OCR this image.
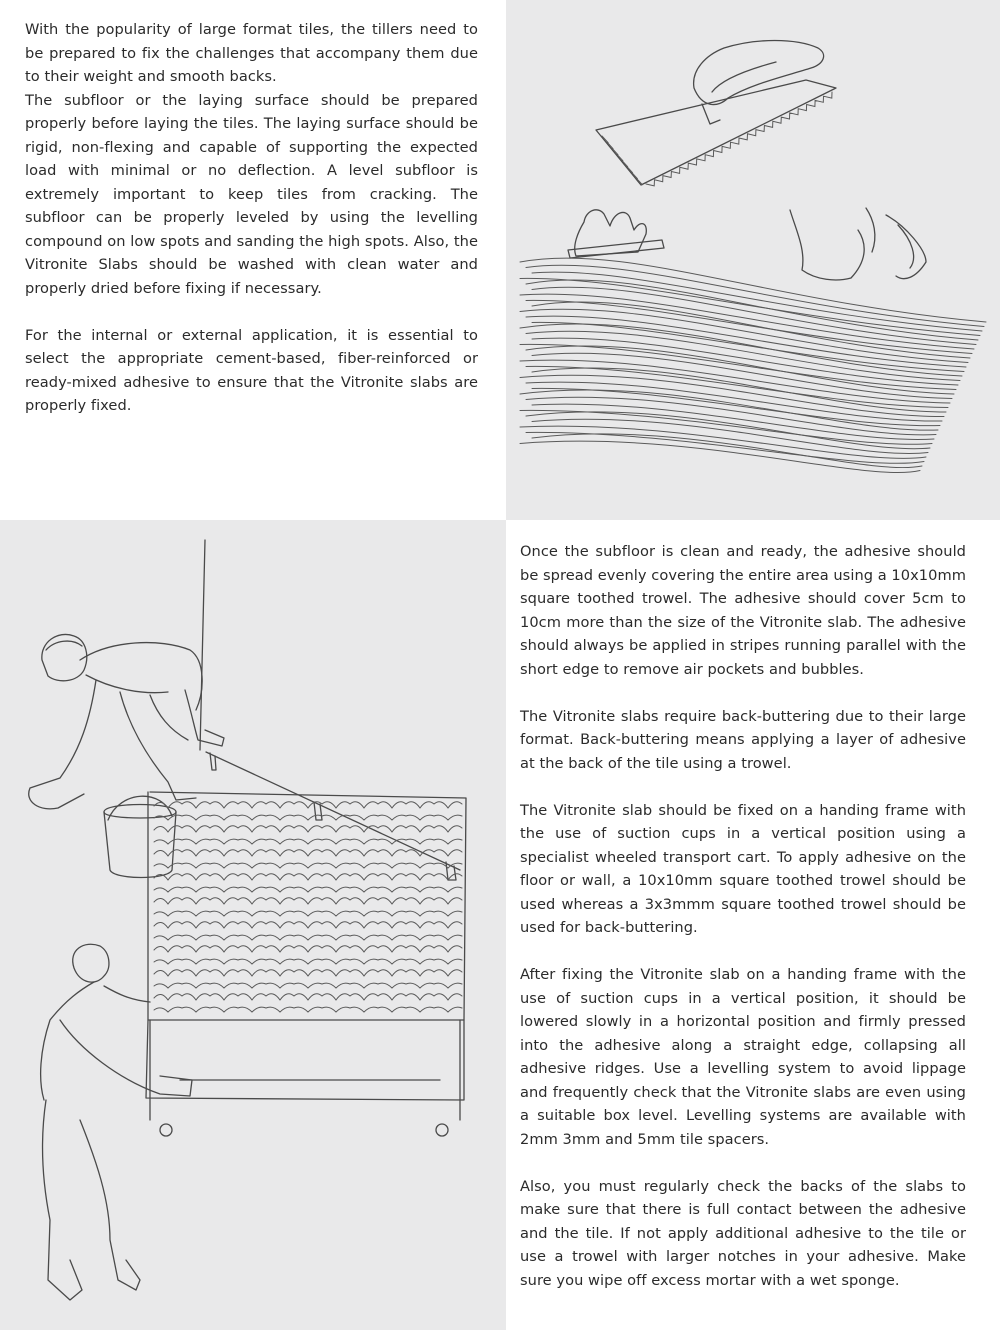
With the popularity of large format tiles, the tillers need to be prepared to fix the challenges that accompany them due to their weight and smooth backs.

The subfloor or the laying surface should be prepared properly before laying the tiles. The laying surface should be rigid, non-flexing and capable of supporting the expected load with minimal or no deflection. A level subfloor is extremely important to keep tiles from cracking. The subfloor can be properly leveled by using the levelling compound on low spots and sanding the high spots. Also, the Vitronite Slabs should be washed with clean water and properly dried before fixing if necessary.

For the internal or external application, it is essential to select the appropriate cement-based, fiber-reinforced or ready-mixed adhesive to ensure that the Vitronite slabs are properly fixed.

Once the subfloor is clean and ready, the adhesive should be spread evenly covering the entire area using a 10x10mm square toothed trowel. The adhesive should cover 5cm to 10cm more than the size of the Vitronite slab. The adhesive should always be applied in stripes running parallel with the short edge to remove air pockets and bubbles.

The Vitronite slabs require back-buttering due to their large format. Back-buttering means applying a layer of adhesive at the back of the tile using a trowel.

The Vitronite slab should be fixed on a handing frame with the use of suction cups in a vertical position using a specialist wheeled transport cart. To apply adhesive on the floor or wall, a 10x10mm square toothed trowel should be used whereas a 3x3mmm square toothed trowel should be used for back-buttering.

After fixing the Vitronite slab on a handing frame with the use of suction cups in a vertical position, it should be lowered slowly in a horizontal position and firmly pressed into the adhesive along a straight edge, collapsing all adhesive ridges. Use a levelling system to avoid lippage and frequently check that the Vitronite slabs are even using a suitable box level. Levelling systems are available with 2mm 3mm and 5mm tile spacers.

Also, you must regularly check the backs of the slabs to make sure that there is full contact between the adhesive and the tile. If not apply additional adhesive to the tile or use a trowel with larger notches in your adhesive. Make sure you wipe off excess mortar with a wet sponge.
